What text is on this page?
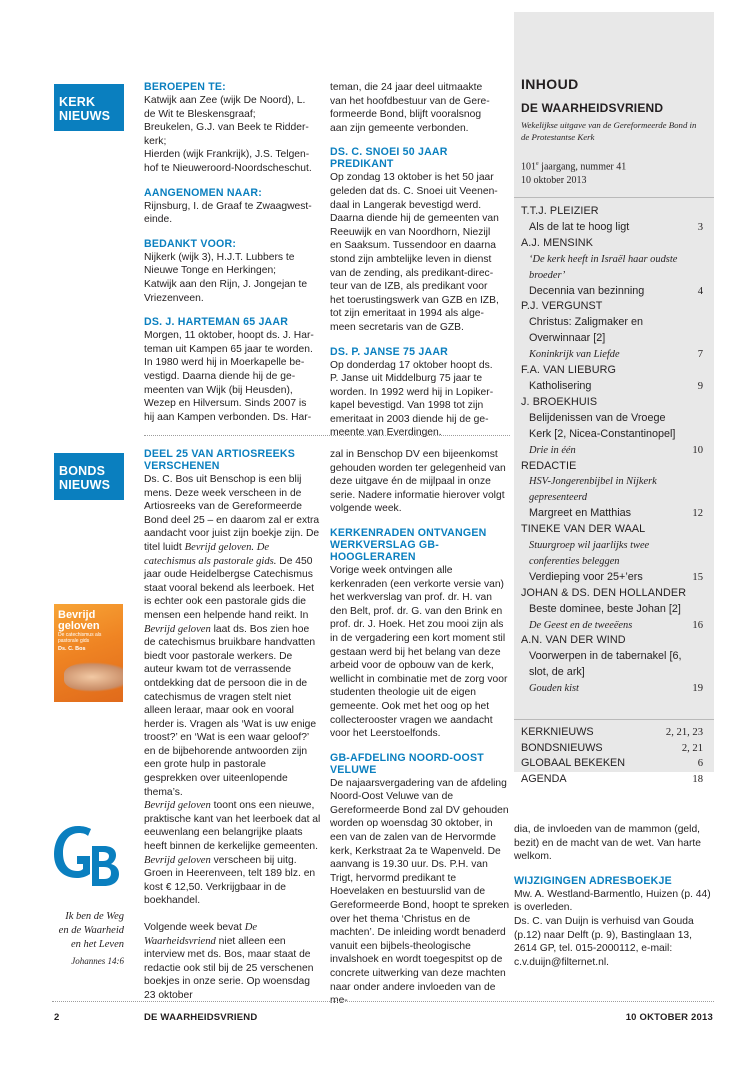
KERK
NIEUWS
BONDS
NIEUWS
BEROEPEN TE:
Katwijk aan Zee (wijk De Noord), L.
de Wit te Bleskensgraaf;
Breukelen, G.J. van Beek te Ridder-
kerk;
Hierden (wijk Frankrijk), J.S. Telgen-
hof te Nieuweroord-Noordscheschut.
AANGENOMEN NAAR:
Rijnsburg, I. de Graaf te Zwaagwest-
einde.
BEDANKT VOOR:
Nijkerk (wijk 3), H.J.T. Lubbers te
Nieuwe Tonge en Herkingen;
Katwijk aan den Rijn, J. Jongejan te
Vriezenveen.
DS. J. HARTEMAN 65 JAAR
Morgen, 11 oktober, hoopt ds. J. Har-
teman uit Kampen 65 jaar te worden.
In 1980 werd hij in Moerkapelle be-
vestigd. Daarna diende hij de ge-
meenten van Wijk (bij Heusden),
Wezep en Hilversum. Sinds 2007 is
hij aan Kampen verbonden. Ds. Har-
teman, die 24 jaar deel uitmaakte
van het hoofdbestuur van de Gere-
formeerde Bond, blijft vooralsnog
aan zijn gemeente verbonden.
DS. C. SNOEI 50 JAAR PREDIKANT
Op zondag 13 oktober is het 50 jaar
geleden dat ds. C. Snoei uit Veenen-
daal in Langerak bevestigd werd.
Daarna diende hij de gemeenten van
Reeuwijk en van Noordhorn, Niezijl
en Saaksum. Tussendoor en daarna
stond zijn ambtelijke leven in dienst
van de zending, als predikant-direc-
teur van de IZB, als predikant voor
het toerustingswerk van GZB en IZB,
tot zijn emeritaat in 1994 als alge-
meen secretaris van de GZB.
DS. P. JANSE 75 JAAR
Op donderdag 17 oktober hoopt ds.
P. Janse uit Middelburg 75 jaar te
worden. In 1992 werd hij in Lopiker-
kapel bevestigd. Van 1998 tot zijn
emeritaat in 2003 diende hij de ge-
meente van Everdingen.
DEEL 25 VAN ARTIOSREEKS VERSCHENEN

Ds. C. Bos uit Benschop is een blij mens. Deze week verscheen in de Artiosreeks van de Gereformeerde Bond deel 25 – en daarom zal er extra aandacht voor juist zijn boekje zijn. De titel luidt Bevrijd geloven. De catechismus als pastorale gids. De 450 jaar oude Heidelbergse Catechismus staat vooral bekend als leerboek. Het is echter ook een pastorale gids die mensen een helpende hand reikt. In Bevrijd geloven laat ds. Bos zien hoe de catechismus bruikbare handvatten biedt voor pastorale werkers. De auteur kwam tot de verrassende ontdekking dat de persoon die in de catechismus de vragen stelt niet alleen leraar, maar ook en vooral herder is. Vragen als ‘Wat is uw enige troost?’ en ‘Wat is een waar geloof?’ en de bijbehorende antwoorden zijn een grote hulp in pastorale gesprekken over uiteenlopende thema’s.

Bevrijd geloven toont ons een nieuwe, praktische kant van het leerboek dat al eeuwenlang een belangrijke plaats heeft binnen de kerkelijke gemeenten.

Bevrijd geloven verscheen bij uitg. Groen in Heerenveen, telt 189 blz. en kost € 12,50. Verkrijgbaar in de boekhandel.

Volgende week bevat De Waarheidsvriend niet alleen een interview met ds. Bos, maar staat de redactie ook stil bij de 25 verschenen boekjes in onze serie. Op woensdag 23 oktober

zal in Benschop DV een bijeenkomst gehouden worden ter gelegenheid van deze uitgave én de mijlpaal in onze serie. Nadere informatie hierover volgt volgende week.

KERKENRADEN ONTVANGEN WERKVERSLAG GB-HOOGLERAREN

Vorige week ontvingen alle kerkenraden (een verkorte versie van) het werkverslag van prof. dr. H. van den Belt, prof. dr. G. van den Brink en prof. dr. J. Hoek. Het zou mooi zijn als in de vergadering een kort moment stil gestaan werd bij het belang van deze arbeid voor de opbouw van de kerk, wellicht in combinatie met de zorg voor studenten theologie uit de eigen gemeente. Ook met het oog op het collecterooster vragen we aandacht voor het Leerstoelfonds.

GB-AFDELING NOORD-OOST VELUWE

De najaarsvergadering van de afdeling Noord-Oost Veluwe van de Gereformeerde Bond zal DV gehouden worden op woensdag 30 oktober, in een van de zalen van de Hervormde kerk, Kerkstraat 2a te Wapenveld. De aanvang is 19.30 uur. Ds. P.H. van Trigt, hervormd predikant te Hoevelaken en bestuurslid van de Gereformeerde Bond, hoopt te spreken over het thema ‘Christus en de machten’. De inleiding wordt benaderd vanuit een bijbels-theologische invalshoek en wordt toegespitst op de concrete uitwerking van deze machten naar onder andere invloeden van de me-

dia, de invloeden van de mammon (geld, bezit) en de macht van de wet. Van harte welkom.

WIJZIGINGEN ADRESBOEKJE

Mw. A. Westland-Barmentlo, Huizen (p. 44) is overleden.

Ds. C. van Duijn is verhuisd van Gouda (p.12) naar Delft (p. 9), Bastinglaan 13, 2614 GP, tel. 015-2000112, e-mail: c.v.duijn@filternet.nl.

Bevrijd
geloven
De catechismus als pastorale gids
Ds. C. Bos
Ik ben de Weg
en de Waarheid
en het Leven
Johannes 14:6
INHOUD
DE WAARHEIDSVRIEND
Wekelijkse uitgave van de Gereformeerde Bond in de Protestantse Kerk
101e jaargang, nummer 41
10 oktober 2013
T.T.J. PLEIZIER
Als de lat te hoog ligt	3
A.J. MENSINK
‘De kerk heeft in Israël haar oudste broeder’
Decennia van bezinning	4
P.J. VERGUNST
Christus: Zaligmaker en Overwinnaar [2]
Koninkrijk van Liefde	7
F.A. VAN LIEBURG
Katholisering	9
J. BROEKHUIS
Belijdenissen van de Vroege Kerk [2, Nicea-Constantinopel]
Drie in één	10
REDACTIE
HSV-Jongerenbijbel in Nijkerk gepresenteerd
Margreet en Matthias	12
TINEKE VAN DER WAAL
Stuurgroep wil jaarlijks twee conferenties beleggen
Verdieping voor 25+’ers	15
JOHAN & DS. DEN HOLLANDER
Beste dominee, beste Johan [2]
De Geest en de tweeëens	16
A.N. VAN DER WIND
Voorwerpen in de tabernakel [6, slot, de ark]
Gouden kist	19
KERKNIEUWS	2, 21, 23
BONDSNIEUWS	2, 21
GLOBAAL BEKEKEN	6
AGENDA	18
2	DE WAARHEIDSVRIEND	10 OKTOBER 2013
